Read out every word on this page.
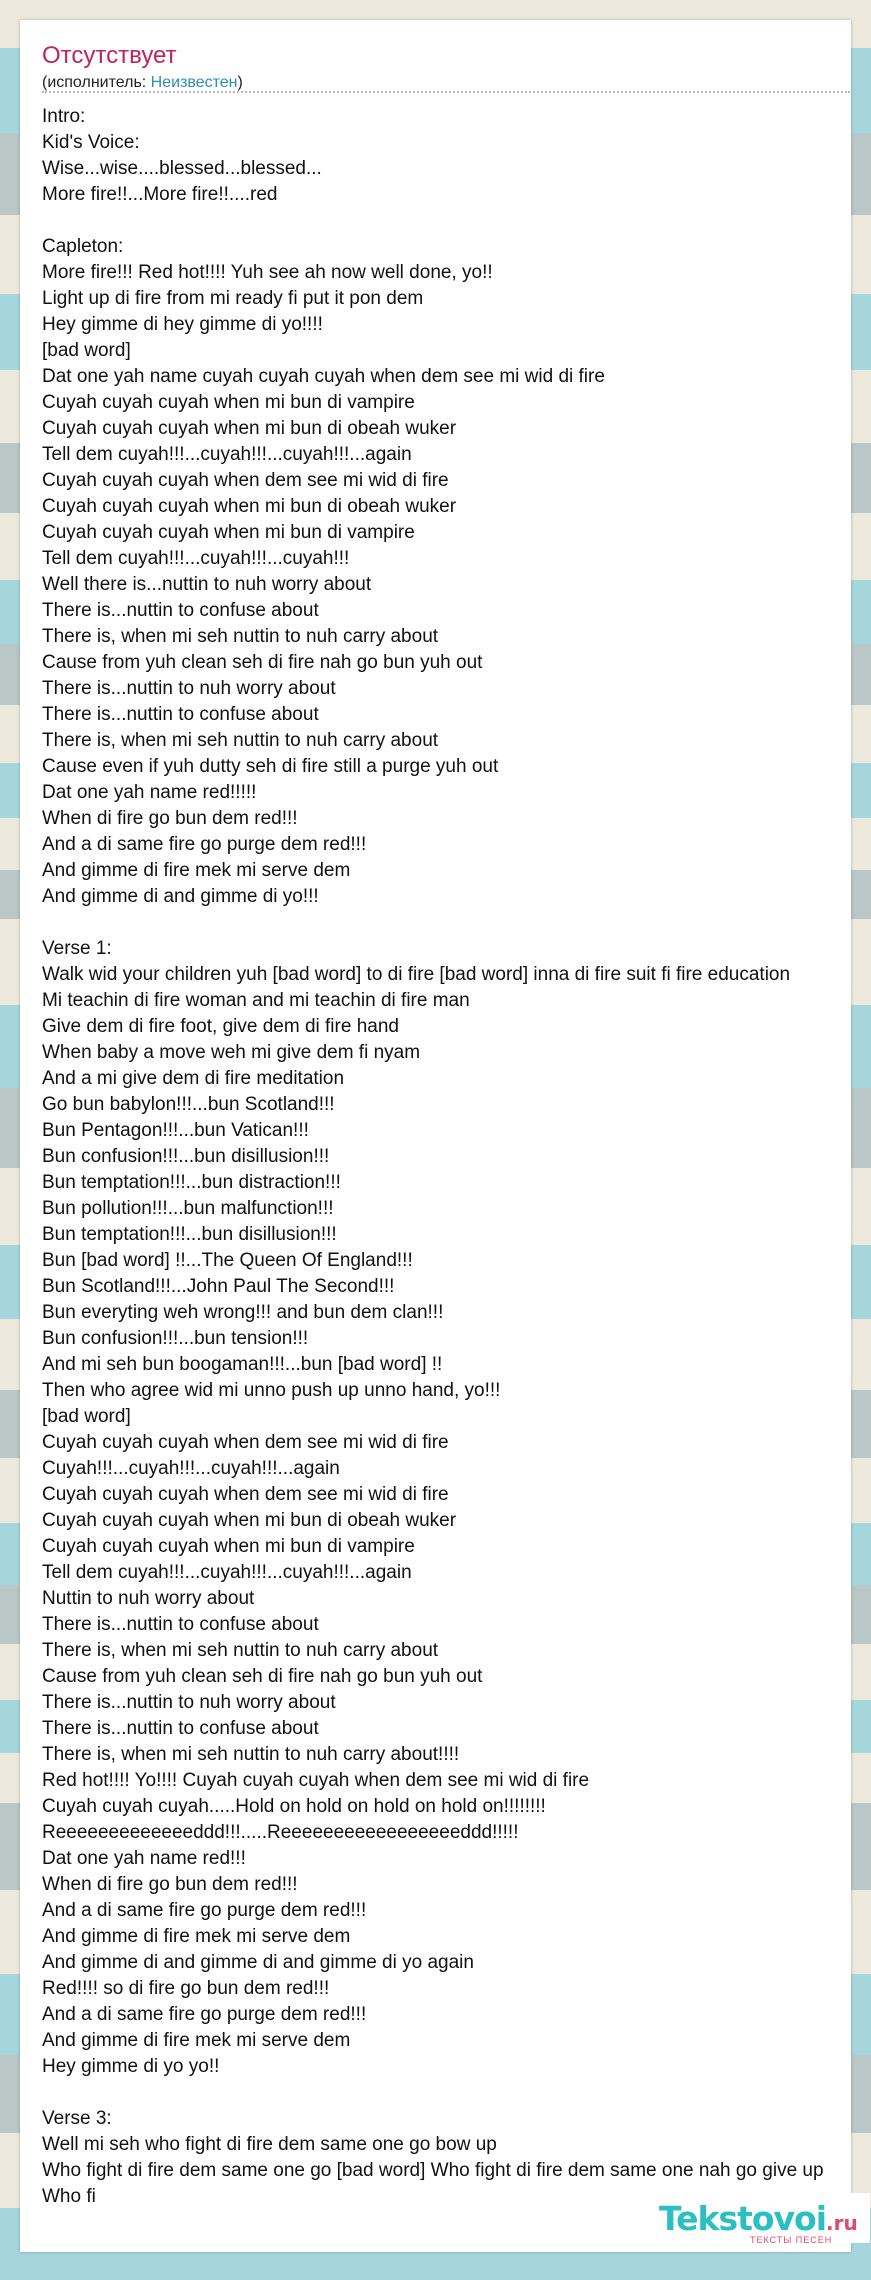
Отсутствует
(исполнитель: Неизвестен)
Intro:
Kid's Voice:
Wise...wise....blessed...blessed...
More fire!!...More fire!!....red
Capleton:
More fire!!! Red hot!!!! Yuh see ah now well done, yo!!
Light up di fire from mi ready fi put it pon dem
Hey gimme di hey gimme di yo!!!!
[bad word]
Dat one yah name cuyah cuyah cuyah when dem see mi wid di fire
Cuyah cuyah cuyah when mi bun di vampire
Cuyah cuyah cuyah when mi bun di obeah wuker
Tell dem cuyah!!!...cuyah!!!...cuyah!!!...again
Cuyah cuyah cuyah when dem see mi wid di fire
Cuyah cuyah cuyah when mi bun di obeah wuker
Cuyah cuyah cuyah when mi bun di vampire
Tell dem cuyah!!!...cuyah!!!...cuyah!!!
Well there is...nuttin to nuh worry about
There is...nuttin to confuse about
There is, when mi seh nuttin to nuh carry about
Cause from yuh clean seh di fire nah go bun yuh out
There is...nuttin to nuh worry about
There is...nuttin to confuse about
There is, when mi seh nuttin to nuh carry about
Cause even if yuh dutty seh di fire still a purge yuh out
Dat one yah name red!!!!!
When di fire go bun dem red!!!
And a di same fire go purge dem red!!!
And gimme di fire mek mi serve dem
And gimme di and gimme di yo!!!
Verse 1:
Walk wid your children yuh [bad word] to di fire [bad word] inna di fire suit fi fire education
Mi teachin di fire woman and mi teachin di fire man
Give dem di fire foot, give dem di fire hand
When baby a move weh mi give dem fi nyam
And a mi give dem di fire meditation
Go bun babylon!!!...bun Scotland!!!
Bun Pentagon!!!...bun Vatican!!!
Bun confusion!!!...bun disillusion!!!
Bun temptation!!!...bun distraction!!!
Bun pollution!!!...bun malfunction!!!
Bun temptation!!!...bun disillusion!!!
Bun [bad word] !!...The Queen Of England!!!
Bun Scotland!!!...John Paul The Second!!!
Bun everyting weh wrong!!! and bun dem clan!!!
Bun confusion!!!...bun tension!!!
And mi seh bun boogaman!!!...bun [bad word] !!
Then who agree wid mi unno push up unno hand, yo!!!
[bad word]
Cuyah cuyah cuyah when dem see mi wid di fire
Cuyah!!!...cuyah!!!...cuyah!!!...again
Cuyah cuyah cuyah when dem see mi wid di fire
Cuyah cuyah cuyah when mi bun di obeah wuker
Cuyah cuyah cuyah when mi bun di vampire
Tell dem cuyah!!!...cuyah!!!...cuyah!!!...again
Nuttin to nuh worry about
There is...nuttin to confuse about
There is, when mi seh nuttin to nuh carry about
Cause from yuh clean seh di fire nah go bun yuh out
There is...nuttin to nuh worry about
There is...nuttin to confuse about
There is, when mi seh nuttin to nuh carry about!!!!
Red hot!!!! Yo!!!! Cuyah cuyah cuyah when dem see mi wid di fire
Cuyah cuyah cuyah.....Hold on hold on hold on hold on!!!!!!!!
Reeeeeeeeeeeeeddd!!!.....Reeeeeeeeeeeeeeeeeddd!!!!!
Dat one yah name red!!!
When di fire go bun dem red!!!
And a di same fire go purge dem red!!!
And gimme di fire mek mi serve dem
And gimme di and gimme di and gimme di yo again
Red!!!! so di fire go bun dem red!!!
And a di same fire go purge dem red!!!
And gimme di fire mek mi serve dem
Hey gimme di yo yo!!
Verse 3:
Well mi seh who fight di fire dem same one go bow up
Who fight di fire dem same one go [bad word] Who fight di fire dem same one nah go give up
Who fi
Tekstovoi.ru
ТЕКСТЫ ПЕСЕН
